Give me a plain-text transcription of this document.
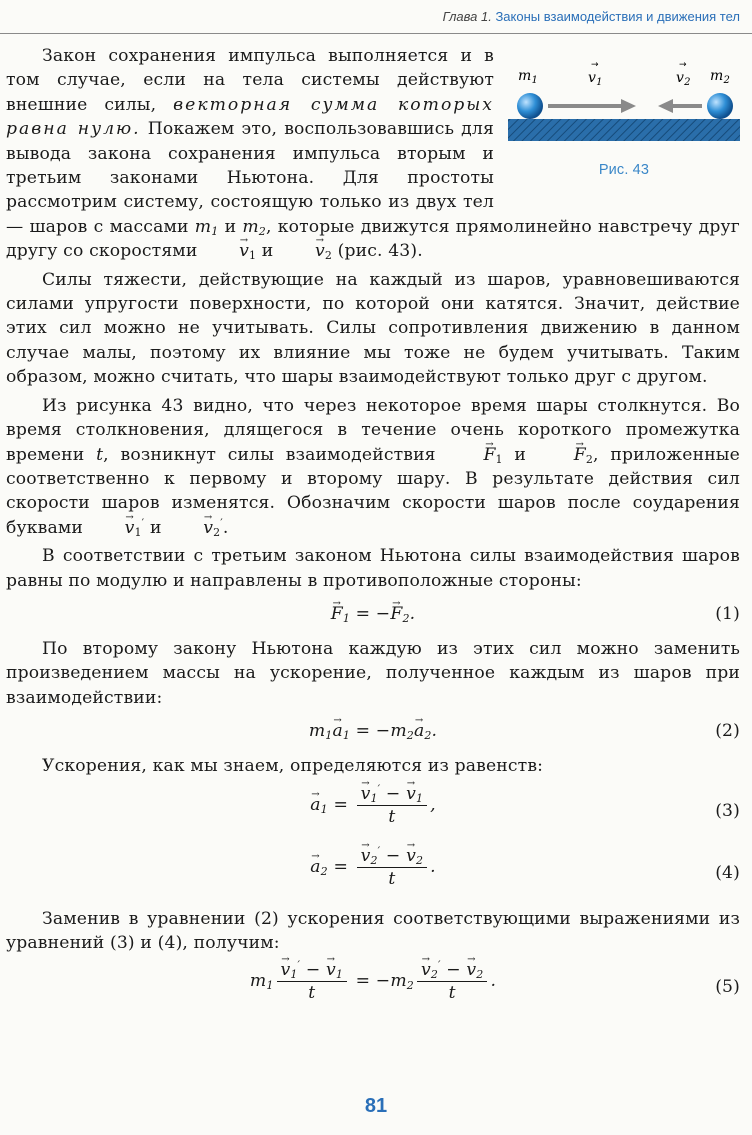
Глава 1. Законы взаимодействия и движения тел
$m_1$	$m_2$
$v_1$	$v_2$
→	→
Рис. 43

Закон сохранения импульса выполняется и в том случае, если на тела системы действуют внешние силы, векторная сумма которых равна нулю. Покажем это, воспользовавшись для вывода закона сохранения импульса вторым и третьим законами Ньютона. Для простоты рассмотрим систему, состоящую только из двух тел — шаров с массами $m_1$ и $m_2$, которые движутся прямолинейно навстречу друг другу со скоростями → $v_1$ $и \to v_2$ (рис. 43).

Силы тяжести, действующие на каждый из шаров, уравновешиваются силами упругости поверхности, по которой они катятся. Значит, действие этих сил можно не учитывать. Силы сопротивления движению в данном случае малы, поэтому их влияние мы тоже не будем учитывать. Таким образом, можно считать, что шары взаимодействуют только друг с другом.

Из рисунка 43 видно, что через некоторое время шары столкнутся. Во время столкновения, длящегося в течение очень короткого промежутка времени t, возникнут силы взаимодействия	→ $F_1$ и	→ $F_2$, приложенные соответственно к первому и второму шару. В результате действия сил скорости шаров изменятся. Обозначим скорости шаров после соударения буквами → $v_1'$ $и \to v_2'$.

В соответствии с третьим законом Ньютона силы взаимодействия шаров равны по модулю и направлены в противоположные стороны:

→ $F_1$ = −→ $F_2$.	(1)

По второму закону Ньютона каждую из этих сил можно заменить произведением массы на ускорение, полученное каждым из шаров при взаимодействии:

$m_1\to a_1 = -m_2\to a_2$.	(2)

Ускорения, как мы знаем, определяются из равенств:

→ $a_1$ = → $\frac{v_1' - \to v_1}{t}$ ,	(3)
→ $a_2$ = → $\frac{v_2' - \to v_2}{t}$ .	(4)

Заменив в уравнении (2) ускорения соответствующими выражениями из уравнений (3) и (4), получим:

$m_1 \to \frac{v_1' - \to v_1}{t} = -m_2 \to \frac{v_2' - \to v_2}{t}$ .	(5)
81
